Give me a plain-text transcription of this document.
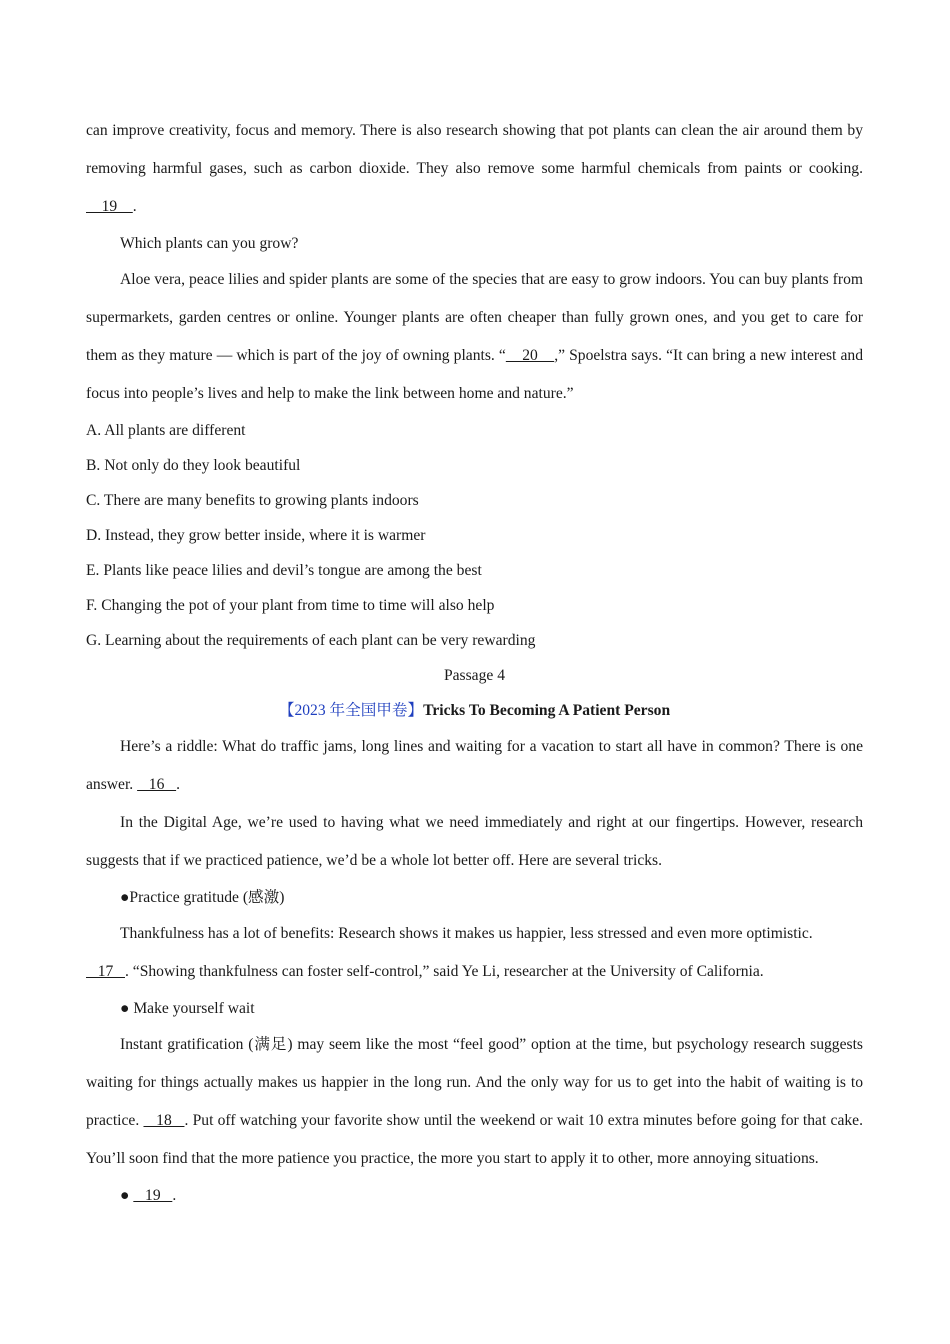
can improve creativity, focus and memory. There is also research showing that pot plants can clean the air around them by removing harmful gases, such as carbon dioxide. They also remove some harmful chemicals from paints or cooking.     19    .

Which plants can you grow?

Aloe vera, peace lilies and spider plants are some of the species that are easy to grow indoors. You can buy plants from supermarkets, garden centres or online. Younger plants are often cheaper than fully grown ones, and you get to care for them as they mature — which is part of the joy of owning plants. “    20    ,” Spoelstra says. “It can bring a new interest and focus into people’s lives and help to make the link between home and nature.”

A. All plants are different

B. Not only do they look beautiful

C. There are many benefits to growing plants indoors

D. Instead, they grow better inside, where it is warmer

E. Plants like peace lilies and devil’s tongue are among the best

F. Changing the pot of your plant from time to time will also help

G. Learning about the requirements of each plant can be very rewarding

Passage 4

【2023 年全国甲卷】Tricks To Becoming A Patient Person

Here’s a riddle: What do traffic jams, long lines and waiting for a vacation to start all have in common? There is one answer.    16   .

In the Digital Age, we’re used to having what we need immediately and right at our fingertips. However, research suggests that if we practiced patience, we’d be a whole lot better off. Here are several tricks.

●Practice gratitude (感激)

Thankfulness has a lot of benefits: Research shows it makes us happier, less stressed and even more optimistic.

17   . “Showing thankfulness can foster self-control,” said Ye Li, researcher at the University of California.

● Make yourself wait

Instant gratification (满足) may seem like the most “feel good” option at the time, but psychology research suggests waiting for things actually makes us happier in the long run. And the only way for us to get into the habit of waiting is to practice.    18   . Put off watching your favorite show until the weekend or wait 10 extra minutes before going for that cake. You’ll soon find that the more patience you practice, the more you start to apply it to other, more annoying situations.

●    19   .
